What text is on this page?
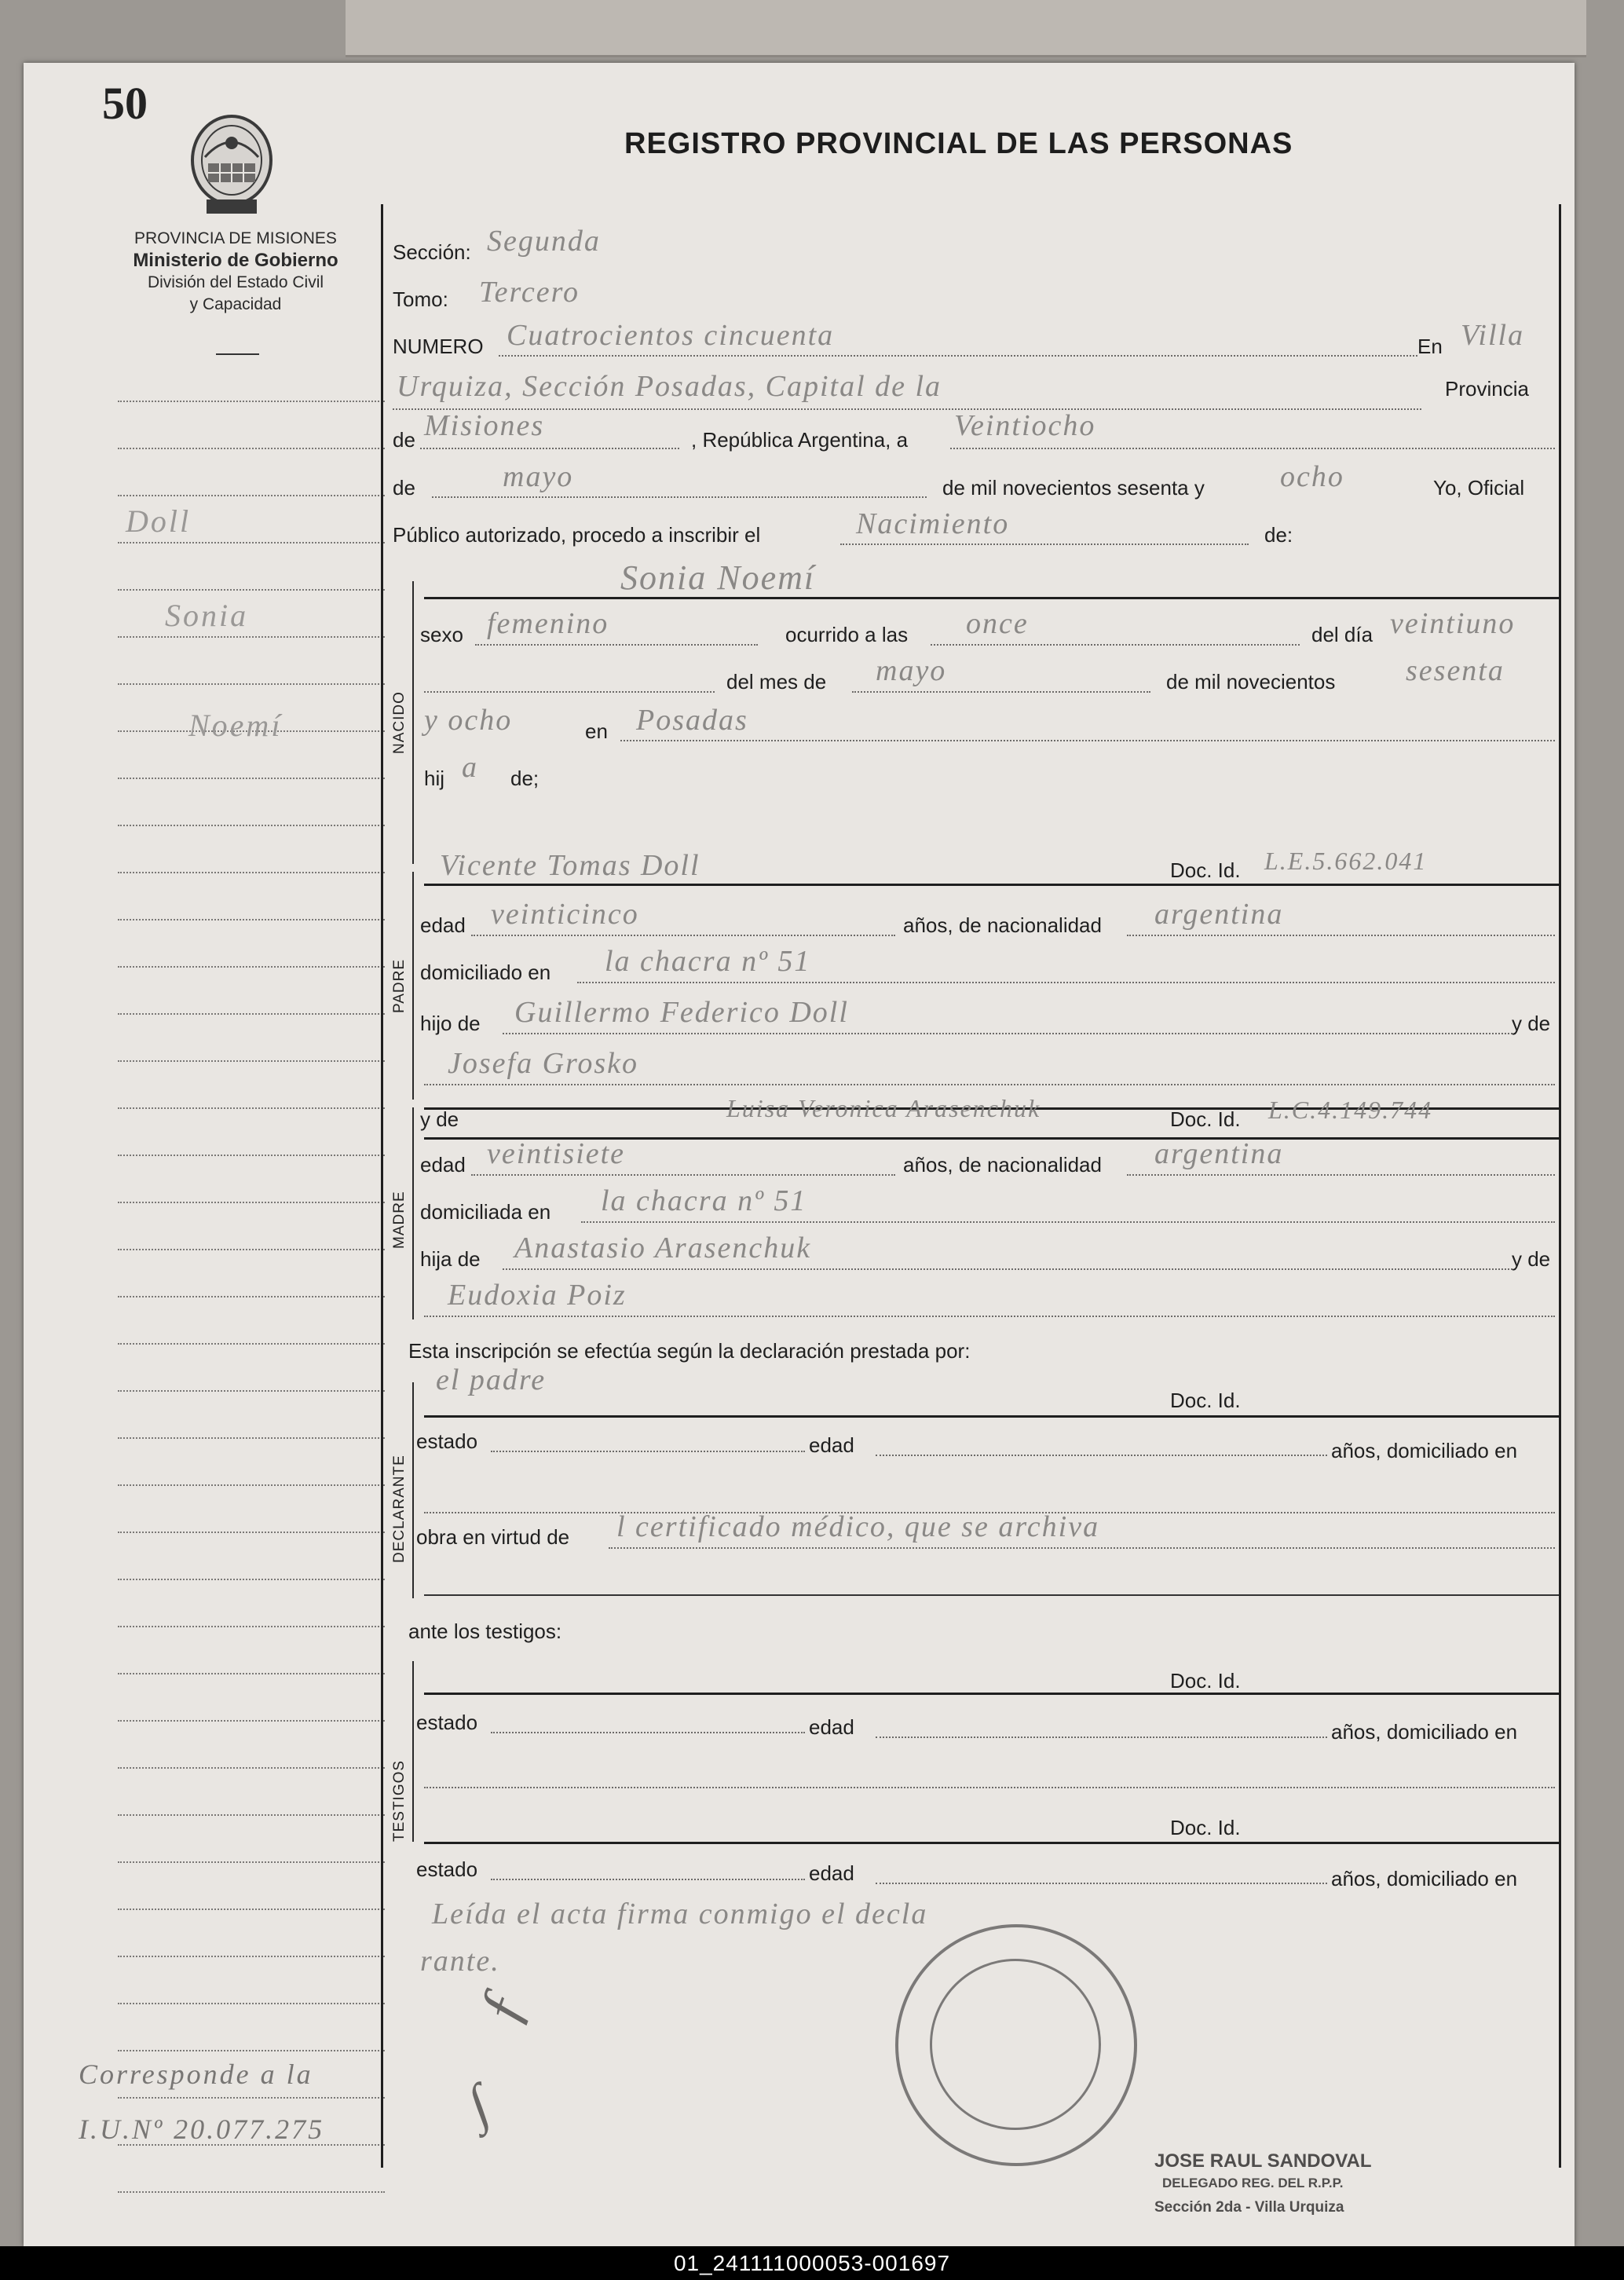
50
REGISTRO PROVINCIAL DE LAS PERSONAS
PROVINCIA DE MISIONES
Ministerio de Gobierno
División del Estado Civil
y Capacidad
Doll
Sonia
Noemí
Corresponde a la
I.U.Nº 20.077.275
Sección: Segunda
Tomo: Tercero
NUMERO Cuatrocientos cincuenta	En Villa
Urquiza, Sección Posadas, Capital de la	Provincia
de Misiones	, República Argentina, a Veintiocho
de	mayo	de mil novecientos sesenta y	ocho	Yo, Oficial
Público autorizado, procedo a inscribir el	Nacimiento	de:
NACIDO
Sonia Noemí
sexo femenino	ocurrido a las once	del día veintiuno
del mes de mayo	de mil novecientos sesenta
y ocho	en Posadas
hij a de;
PADRE
Vicente Tomas Doll	Doc. Id. L.E.5.662.041
edad veinticinco	años, de nacionalidad argentina
domiciliado en la chacra nº 51
hijo de Guillermo Federico Doll	y de
Josefa Grosko
MADRE
y de	Luisa Veronica Arasenchuk	Doc. Id. L.C.4.149.744
edad veintisiete	años, de nacionalidad argentina
domiciliada en la chacra nº 51
hija de Anastasio Arasenchuk	y de
Eudoxia Poiz
Esta inscripción se efectúa según la declaración prestada por:
DECLARANTE
el padre
Doc. Id.
estado	edad	años, domiciliado en
obra en virtud de l certificado médico, que se archiva
ante los testigos:
TESTIGOS
Doc. Id.
estado	edad	años, domiciliado en
Doc. Id.
estado	edad	años, domiciliado en
Leída el acta firma conmigo el decla
rante.
ƒ
∫
JOSE RAUL SANDOVAL
DELEGADO REG. DEL R.P.P.
Sección 2da - Villa Urquiza
01_241111000053-001697
